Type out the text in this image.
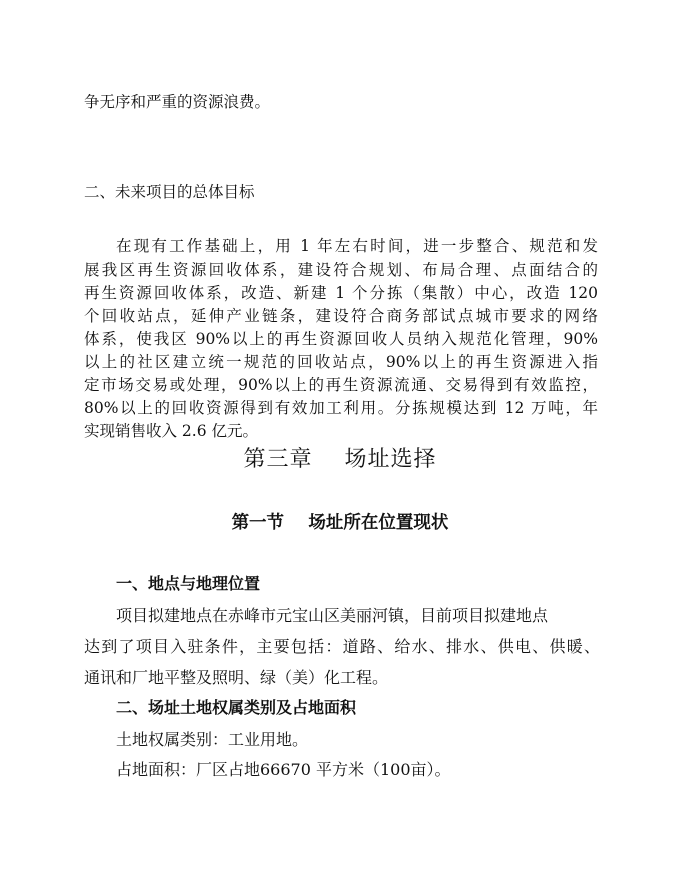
争无序和严重的资源浪费。
二、未来项目的总体目标
在现有工作基础上，用 1 年左右时间，进一步整合、规范和发
展我区再生资源回收体系，建设符合规划、布局合理、点面结合的
再生资源回收体系，改造、新建 1 个分拣（集散）中心，改造 120
个回收站点，延伸产业链条，建设符合商务部试点城市要求的网络
体系，使我区 90%以上的再生资源回收人员纳入规范化管理，90%
以上的社区建立统一规范的回收站点，90%以上的再生资源进入指
定市场交易或处理，90%以上的再生资源流通、交易得到有效监控，
80%以上的回收资源得到有效加工利用。分拣规模达到 12 万吨，年
实现销售收入 2.6 亿元。
第三章    场址选择
第一节    场址所在位置现状
一、地点与地理位置
项目拟建地点在赤峰市元宝山区美丽河镇，目前项目拟建地点
达到了项目入驻条件，主要包括：道路、给水、排水、供电、供暖、
通讯和厂地平整及照明、绿（美）化工程。
二、场址土地权属类别及占地面积
土地权属类别：工业用地。
占地面积：厂区占地66670 平方米（100亩）。
